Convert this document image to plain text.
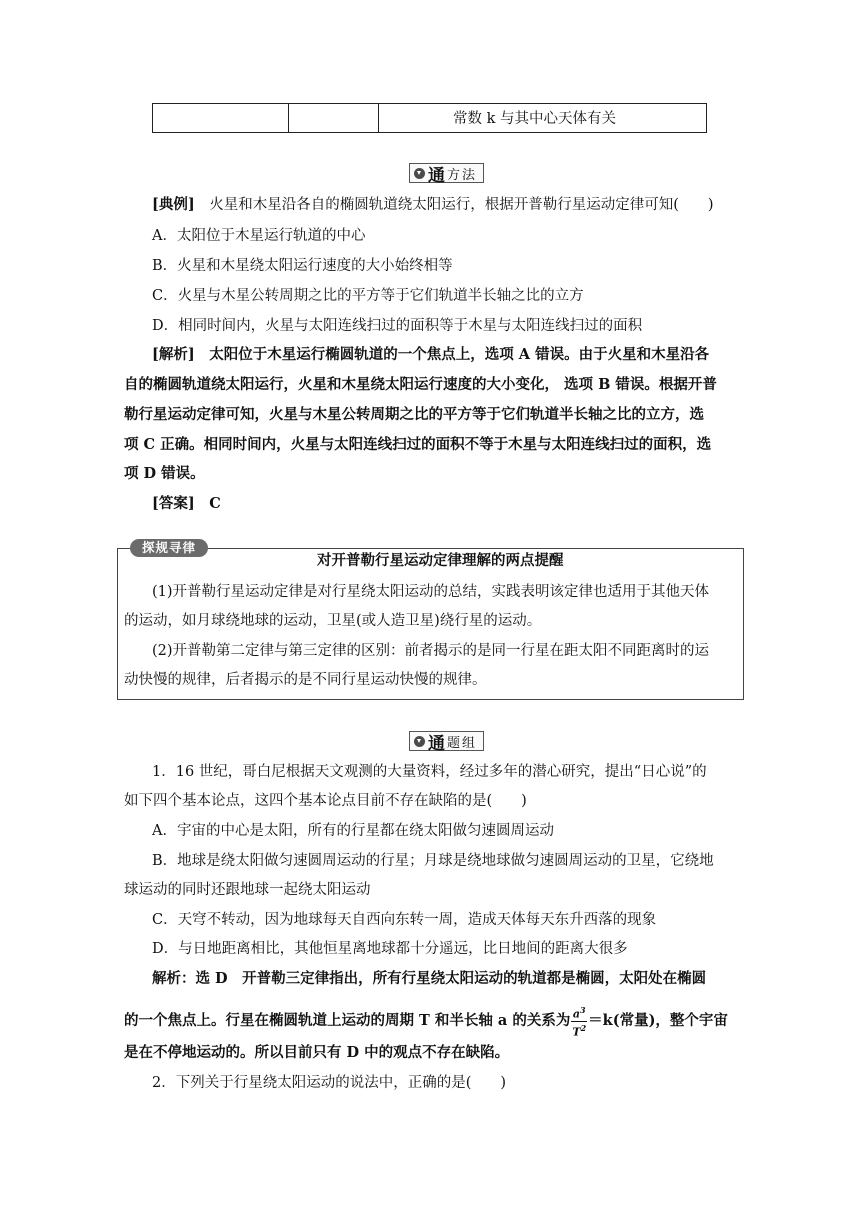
常数 k 与其中心天体有关
通 方法
[典例]　 火星和木星沿各自的椭圆轨道绕太阳运行，根据开普勒行星运动定律可知(　　)
A．太阳位于木星运行轨道的中心
B．火星和木星绕太阳运行速度的大小始终相等
C．火星与木星公转周期之比的平方等于它们轨道半长轴之比的立方
D．相同时间内，火星与太阳连线扫过的面积等于木星与太阳连线扫过的面积
[解析]　 太阳位于木星运行椭圆轨道的一个焦点上，选项 A 错误。由于火星和木星沿各
自的椭圆轨道绕太阳运行，火星和木星绕太阳运行速度的大小变化， 选项 B 错误。根据开普
勒行星运动定律可知，火星与木星公转周期之比的平方等于它们轨道半长轴之比的立方，选
项 C 正确。相同时间内，火星与太阳连线扫过的面积不等于木星与太阳连线扫过的面积，选
项 D 错误。
[答案]　 C
探规寻律
对开普勒行星运动定律理解的两点提醒
(1)开普勒行星运动定律是对行星绕太阳运动的总结，实践表明该定律也适用于其他天体
的运动，如月球绕地球的运动，卫星(或人造卫星)绕行星的运动。
(2)开普勒第二定律与第三定律的区别：前者揭示的是同一行星在距太阳不同距离时的运
动快慢的规律，后者揭示的是不同行星运动快慢的规律。
通 题组
1．16 世纪，哥白尼根据天文观测的大量资料，经过多年的潜心研究，提出“日心说”的
如下四个基本论点，这四个基本论点目前不存在缺陷的是(　　)
A．宇宙的中心是太阳，所有的行星都在绕太阳做匀速圆周运动
B．地球是绕太阳做匀速圆周运动的行星；月球是绕地球做匀速圆周运动的卫星，它绕地
球运动的同时还跟地球一起绕太阳运动
C．天穹不转动，因为地球每天自西向东转一周，造成天体每天东升西落的现象
D．与日地距离相比，其他恒星离地球都十分遥远，比日地间的距离大很多
解析：选 D　 开普勒三定律指出，所有行星绕太阳运动的轨道都是椭圆，太阳处在椭圆
的一个焦点上。行星在椭圆轨道上运动的周期 T 和半长轴 a 的关系为 $\frac{a^3}{T^2} =k$(常量)，整个宇宙
是在不停地运动的。所以目前只有 D 中的观点不存在缺陷。
2．下列关于行星绕太阳运动的说法中，正确的是(　　)
